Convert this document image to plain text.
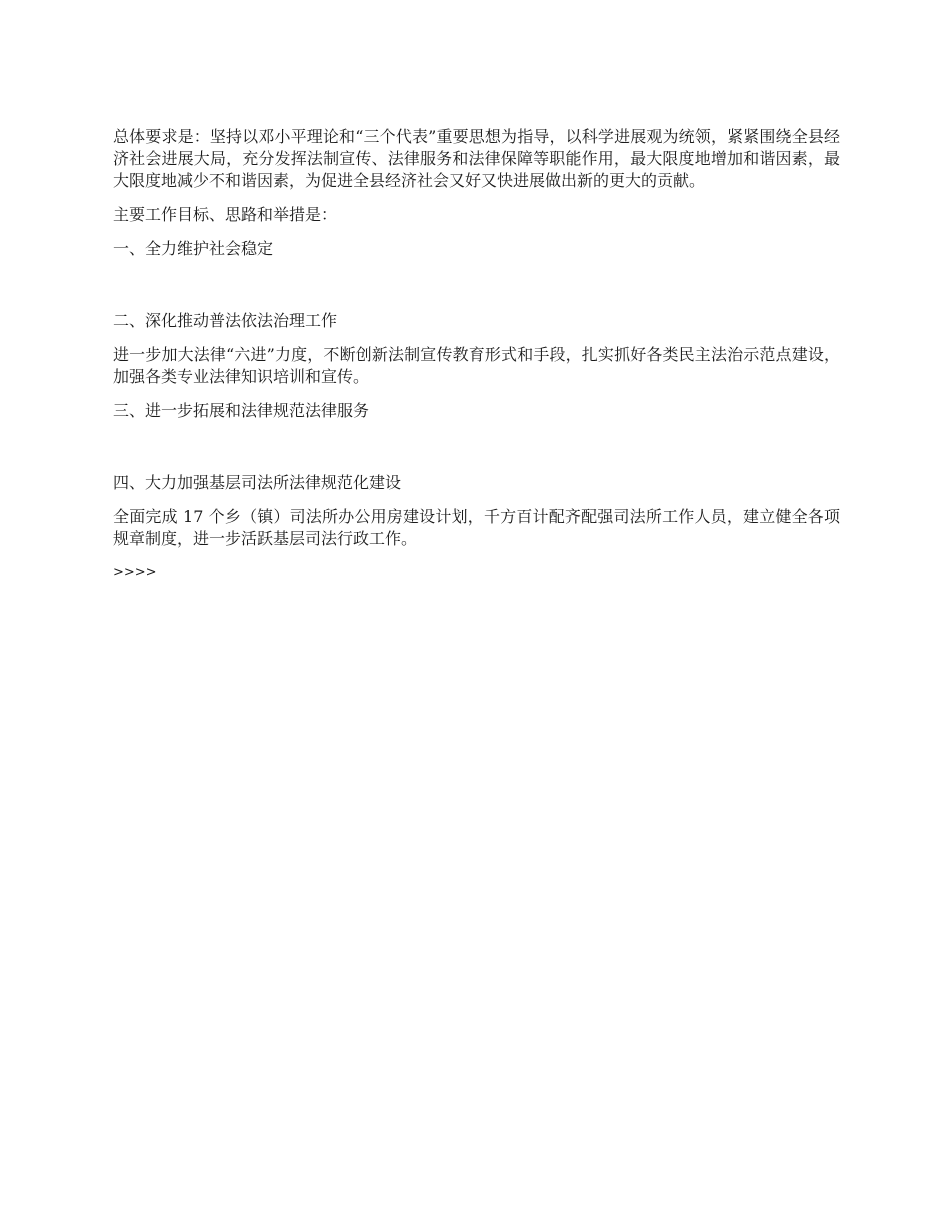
总体要求是：坚持以邓小平理论和“三个代表”重要思想为指导，以科学进展观为统领，紧紧围绕全县经济社会进展大局，充分发挥法制宣传、法律服务和法律保障等职能作用，最大限度地增加和谐因素，最大限度地减少不和谐因素，为促进全县经济社会又好又快进展做出新的更大的贡献。

主要工作目标、思路和举措是：

一、全力维护社会稳定

二、深化推动普法依法治理工作

进一步加大法律“六进”力度，不断创新法制宣传教育形式和手段，扎实抓好各类民主法治示范点建设，加强各类专业法律知识培训和宣传。

三、进一步拓展和法律规范法律服务

四、大力加强基层司法所法律规范化建设

全面完成 17 个乡（镇）司法所办公用房建设计划，千方百计配齐配强司法所工作人员，建立健全各项规章制度，进一步活跃基层司法行政工作。

>>>>
